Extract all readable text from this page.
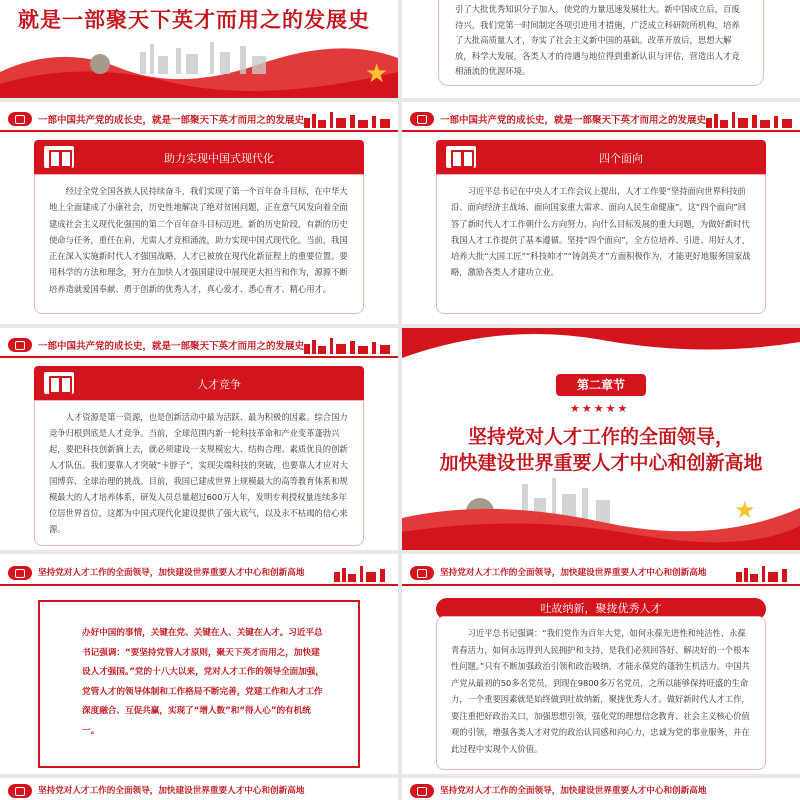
就是一部聚天下英才而用之的发展史
★
引了大批优秀知识分子加入，使党的力量迅速发展壮大。新中国成立后，百废待兴，我们党第一时间制定各项引进用才措施，广泛成立科研院所机构，培养了大批高质量人才，夯实了社会主义新中国的基础。改革开放后，思想大解放，科学大发展，各类人才的待遇与地位得到重新认识与评估，营造出人才竞相涌流的优渥环境。
一部中国共产党的成长史，就是一部聚天下英才而用之的发展史
助力实现中国式现代化
经过全党全国各族人民持续奋斗，我们实现了第一个百年奋斗目标，在中华大地上全面建成了小康社会，历史性地解决了绝对贫困问题，正在意气风发向着全面建成社会主义现代化强国的第二个百年奋斗目标迈进。新的历史阶段，有新的历史使命与任务，重任在肩，尤需人才竞相涌流，助力实现中国式现代化。当前，我国正在深入实施新时代人才强国战略，人才已被放在现代化新征程上的重要位置。要用科学的方法和理念，努力在加快人才强国建设中展现更大担当和作为，源源不断培养造就爱国奉献、勇于创新的优秀人才，真心爱才、悉心育才、精心用才。
一部中国共产党的成长史，就是一部聚天下英才而用之的发展史
四个面向
习近平总书记在中央人才工作会议上提出，人才工作要“坚持面向世界科技前沿、面向经济主战场、面向国家重大需求、面向人民生命健康”。这“四个面向”回答了新时代人才工作朝什么方向努力、向什么目标发展的重大问题，为做好新时代我国人才工作提供了基本遵循。坚持“四个面向”，全方位培养、引进、用好人才，培养大批“大国工匠”“科技帅才”“铸剑英才”方面积极作为，才能更好地服务国家战略，激励各类人才建功立业。
一部中国共产党的成长史，就是一部聚天下英才而用之的发展史
人才竞争
人才资源是第一资源，也是创新活动中最为活跃、最为积极的因素。综合国力竞争归根到底是人才竞争。当前，全球范围内新一轮科技革命和产业变革蓬勃兴起，要把科技创新摘上去，就必须建设一支规模宏大、结构合理、素质优良的创新人才队伍。我们要靠人才突破“卡脖子”，实现尖端科技的突破，也要靠人才应对大国博弈、全球治理的挑战。目前，我国已建成世界上规模最大的高等教育体系和规模最大的人才培养体系，研发人员总量超过600万人年，发明专利授权量连续多年位居世界首位，这都为中国式现代化建设提供了强大底气，以及永不枯竭的信心来源。
第二章节
★★★★★
坚持党对人才工作的全面领导，
加快建设世界重要人才中心和创新高地
★
坚持党对人才工作的全面领导，加快建设世界重要人才中心和创新高地
办好中国的事情，关键在党、关键在人、关键在人才。习近平总书记强调：“要坚持党管人才原则，聚天下英才而用之，加快建设人才强国。”党的十八大以来，党对人才工作的领导全面加强，党管人才的领导体制和工作格局不断完善，党建工作和人才工作深度融合、互促共赢，实现了“增人数”和“得人心”的有机统一。
坚持党对人才工作的全面领导，加快建设世界重要人才中心和创新高地
吐故纳新，聚拢优秀人才
习近平总书记强调：“我们党作为百年大党，如何永葆先进性和纯洁性、永葆青春活力，如何永远得到人民拥护和支持，是我们必须回答好、解决好的一个根本性问题。”只有不断加强政治引领和政治吸纳，才能永葆党的蓬勃生机活力。中国共产党从最初的50多名党员，到现在9800多万名党员，之所以能够保持旺盛的生命力，一个重要因素就是始终做到吐故纳新，聚拢优秀人才。做好新时代人才工作，要注重把好政治关口，加强思想引领，强化党的理想信念教育、社会主义核心价值观的引领，增强各类人才对党的政治认同感和向心力，忠诚为党的事业服务，并在此过程中实现个人价值。
坚持党对人才工作的全面领导，加快建设世界重要人才中心和创新高地	坚持党对人才工作的全面领导，加快建设世界重要人才中心和创新高地
